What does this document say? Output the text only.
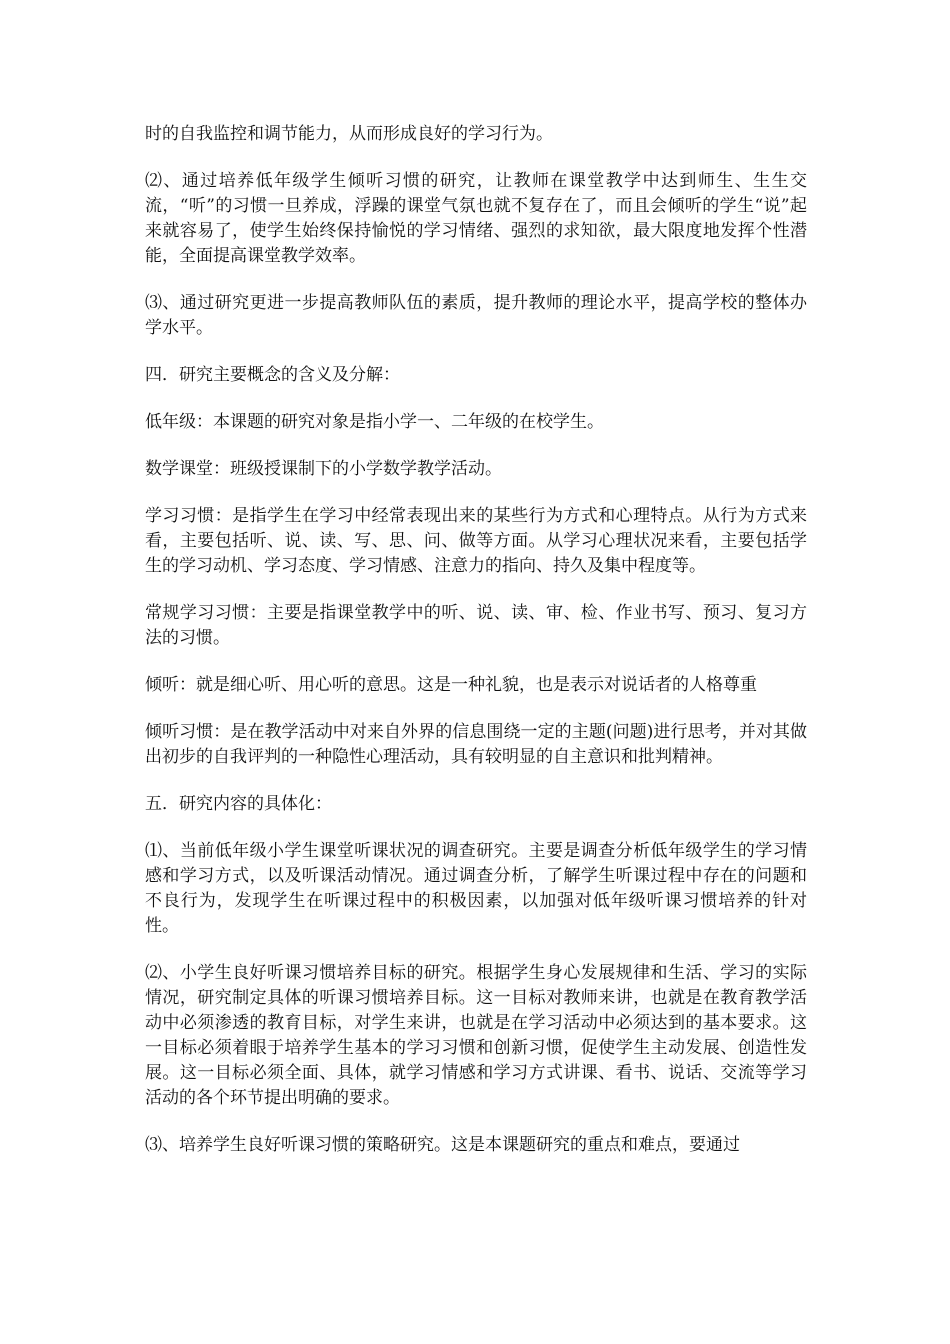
时的自我监控和调节能力，从而形成良好的学习行为。

⑵、通过培养低年级学生倾听习惯的研究，让教师在课堂教学中达到师生、生生交流，“听”的习惯一旦养成，浮躁的课堂气氛也就不复存在了，而且会倾听的学生“说”起来就容易了，使学生始终保持愉悦的学习情绪、强烈的求知欲，最大限度地发挥个性潜能，全面提高课堂教学效率。

⑶、通过研究更进一步提高教师队伍的素质，提升教师的理论水平，提高学校的整体办学水平。

四．研究主要概念的含义及分解：

低年级：本课题的研究对象是指小学一、二年级的在校学生。

数学课堂：班级授课制下的小学数学教学活动。

学习习惯：是指学生在学习中经常表现出来的某些行为方式和心理特点。从行为方式来看，主要包括听、说、读、写、思、问、做等方面。从学习心理状况来看，主要包括学生的学习动机、学习态度、学习情感、注意力的指向、持久及集中程度等。

常规学习习惯：主要是指课堂教学中的听、说、读、审、检、作业书写、预习、复习方法的习惯。

倾听：就是细心听、用心听的意思。这是一种礼貌，也是表示对说话者的人格尊重

倾听习惯：是在教学活动中对来自外界的信息围绕一定的主题(问题)进行思考，并对其做出初步的自我评判的一种隐性心理活动，具有较明显的自主意识和批判精神。

五．研究内容的具体化：

⑴、当前低年级小学生课堂听课状况的调查研究。主要是调查分析低年级学生的学习情感和学习方式，以及听课活动情况。通过调查分析，了解学生听课过程中存在的问题和不良行为，发现学生在听课过程中的积极因素，以加强对低年级听课习惯培养的针对性。

⑵、小学生良好听课习惯培养目标的研究。根据学生身心发展规律和生活、学习的实际情况，研究制定具体的听课习惯培养目标。这一目标对教师来讲，也就是在教育教学活动中必须渗透的教育目标，对学生来讲，也就是在学习活动中必须达到的基本要求。这一目标必须着眼于培养学生基本的学习习惯和创新习惯，促使学生主动发展、创造性发展。这一目标必须全面、具体，就学习情感和学习方式讲课、看书、说话、交流等学习活动的各个环节提出明确的要求。

⑶、培养学生良好听课习惯的策略研究。这是本课题研究的重点和难点，要通过
